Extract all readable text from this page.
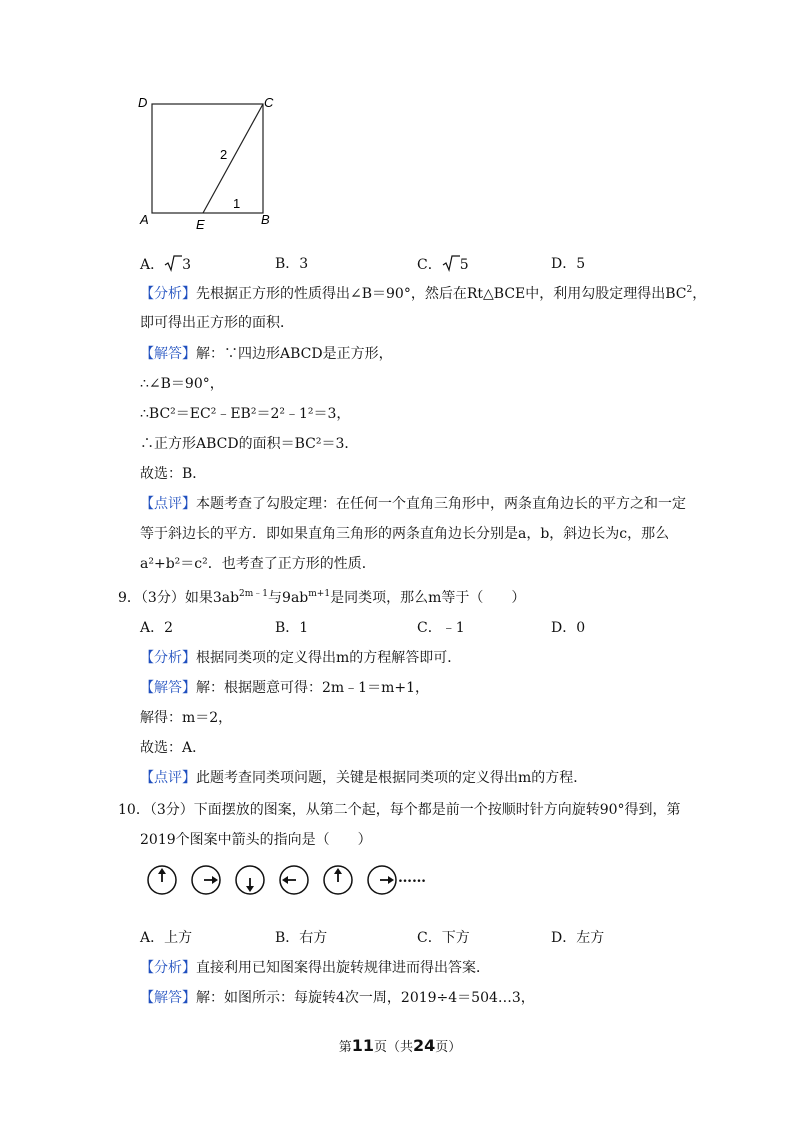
D	C
A	E	B
2
1
A． 3	B．3	C． 5	D．5
【分析】先根据正方形的性质得出∠B＝90°，然后在Rt△BCE中，利用勾股定理得出$BC^2$，
即可得出正方形的面积．
【解答】解：∵四边形ABCD是正方形，
∴∠B＝90°，
∴BC²＝EC²﹣EB²＝2²﹣1²＝3，
∴正方形ABCD的面积＝BC²＝3．
故选：B．
【点评】本题考查了勾股定理：在任何一个直角三角形中，两条直角边长的平方之和一定
等于斜边长的平方．即如果直角三角形的两条直角边长分别是a，b，斜边长为c，那么
a²+b²＝c²．也考查了正方形的性质．
9．（3分）如果$3ab^{2m﹣1}$与$9ab^{m+1}$是同类项，那么m等于（　　）
A．2	B．1	C．﹣1	D．0
【分析】根据同类项的定义得出m的方程解答即可．
【解答】解：根据题意可得：2m﹣1＝m+1，
解得：m＝2，
故选：A．
【点评】此题考查同类项问题，关键是根据同类项的定义得出m的方程．
10．（3分）下面摆放的图案，从第二个起，每个都是前一个按顺时针方向旋转90°得到，第
2019个图案中箭头的指向是（　　）
……
A．上方	B．右方	C．下方	D．左方
【分析】直接利用已知图案得出旋转规律进而得出答案．
【解答】解：如图所示：每旋转4次一周，2019÷4＝504…3，
第11页（共24页）
